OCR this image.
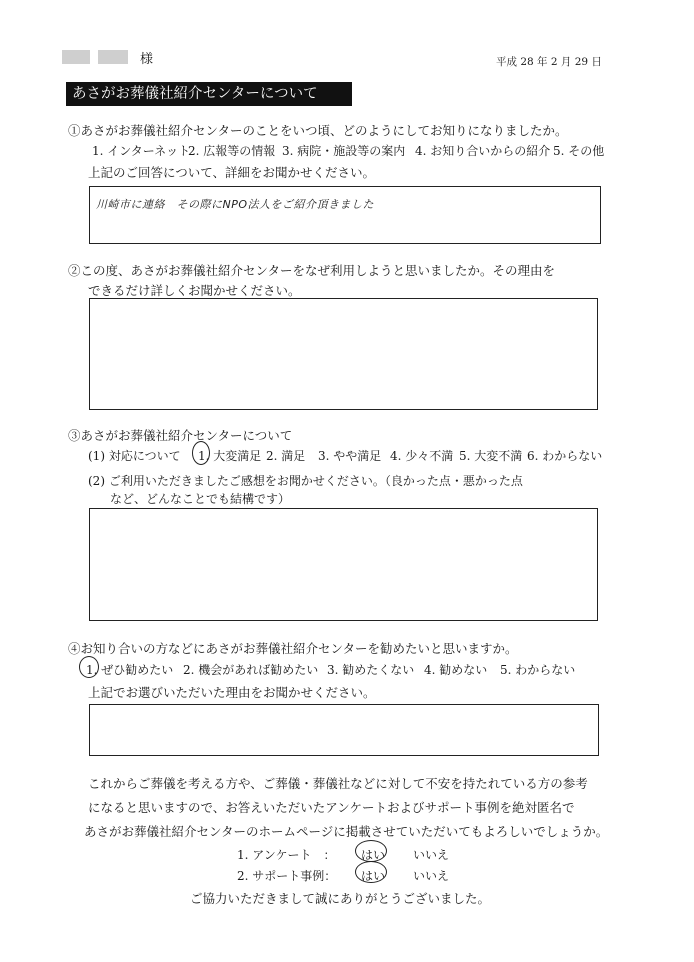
様	平成 28 年 2 月 29 日
あさがお葬儀社紹介センターについて
①あさがお葬儀社紹介センターのことをいつ頃、どのようにしてお知りになりましたか。
1. インターネット
2. 広報等の情報 3. 病院・施設等の案内 4. お知り合いからの紹介 5. その他
上記のご回答について、詳細をお聞かせください。
川崎市に連絡　その際にNPO法人をご紹介頂きました
②この度、あさがお葬儀社紹介センターをなぜ利用しようと思いましたか。その理由を
できるだけ詳しくお聞かせください。
③あさがお葬儀社紹介センターについて
(1) 対応について 1. 大変満足 2. 満足 3. やや満足 4. 少々不満 5. 大変不満 6. わからない
(2) ご利用いただきましたご感想をお聞かせください。（良かった点・悪かった点
など、どんなことでも結構です）
④お知り合いの方などにあさがお葬儀社紹介センターを勧めたいと思いますか。
1. ぜひ勧めたい 2. 機会があれば勧めたい 3. 勧めたくない 4. 勧めない 5. わからない
上記でお選びいただいた理由をお聞かせください。
これからご葬儀を考える方や、ご葬儀・葬儀社などに対して不安を持たれている方の参考
になると思いますので、お答えいただいたアンケートおよびサポート事例を絶対匿名で
あさがお葬儀社紹介センターのホームページに掲載させていただいてもよろしいでしょうか。
1. アンケート　： はい いいえ
2. サポート事例： はい いいえ
ご協力いただきまして誠にありがとうございました。
